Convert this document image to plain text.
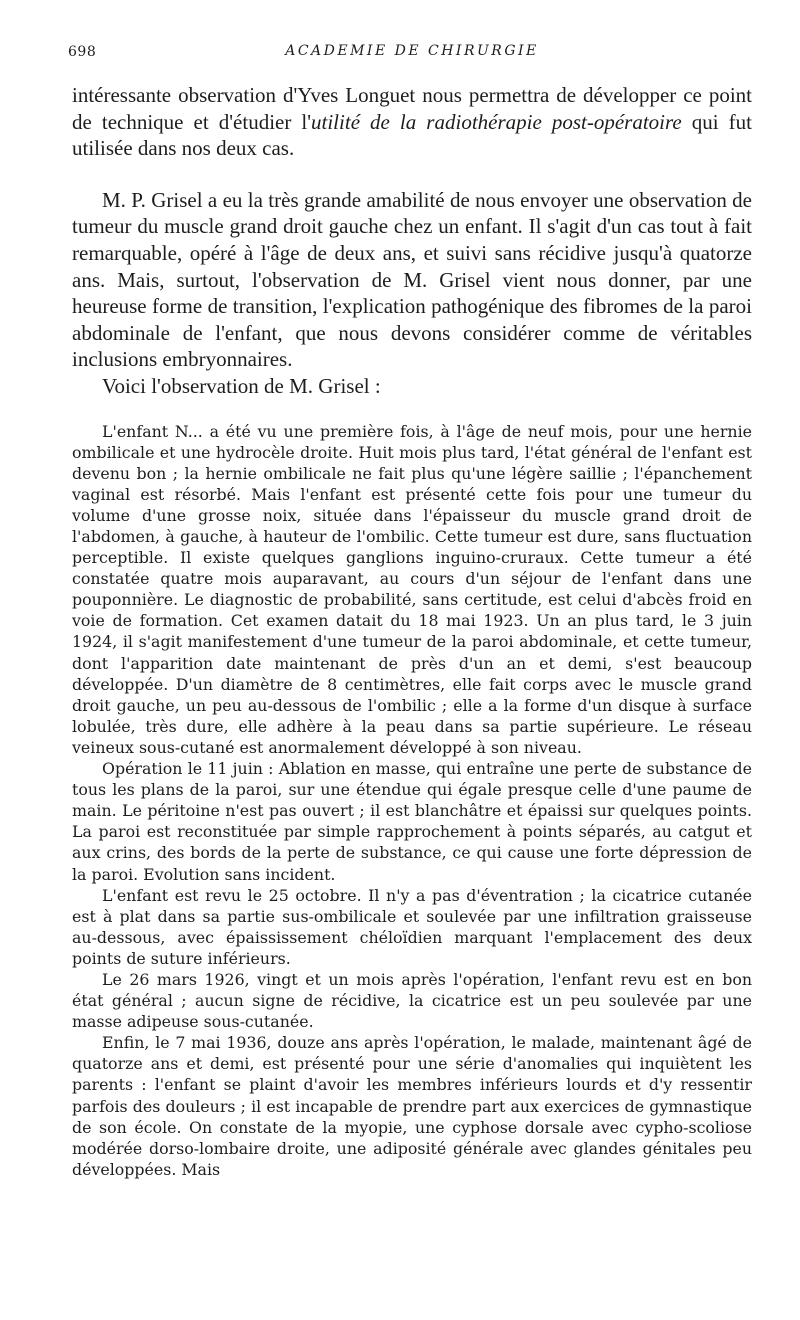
698	ACADEMIE DE CHIRURGIE

intéressante observation d'Yves Longuet nous permettra de développer ce point de technique et d'étudier l'utilité de la radiothérapie post-opératoire qui fut utilisée dans nos deux cas.

M. P. Grisel a eu la très grande amabilité de nous envoyer une observation de tumeur du muscle grand droit gauche chez un enfant. Il s'agit d'un cas tout à fait remarquable, opéré à l'âge de deux ans, et suivi sans récidive jusqu'à quatorze ans. Mais, surtout, l'observation de M. Grisel vient nous donner, par une heureuse forme de transition, l'explication pathogénique des fibromes de la paroi abdominale de l'enfant, que nous devons considérer comme de véritables inclusions embryonnaires.

Voici l'observation de M. Grisel :

L'enfant N... a été vu une première fois, à l'âge de neuf mois, pour une hernie ombilicale et une hydrocèle droite. Huit mois plus tard, l'état général de l'enfant est devenu bon ; la hernie ombilicale ne fait plus qu'une légère saillie ; l'épanchement vaginal est résorbé. Mais l'enfant est présenté cette fois pour une tumeur du volume d'une grosse noix, située dans l'épaisseur du muscle grand droit de l'abdomen, à gauche, à hauteur de l'ombilic. Cette tumeur est dure, sans fluctuation perceptible. Il existe quelques ganglions inguino-cruraux. Cette tumeur a été constatée quatre mois auparavant, au cours d'un séjour de l'enfant dans une pouponnière. Le diagnostic de probabilité, sans certitude, est celui d'abcès froid en voie de formation. Cet examen datait du 18 mai 1923. Un an plus tard, le 3 juin 1924, il s'agit manifestement d'une tumeur de la paroi abdominale, et cette tumeur, dont l'apparition date maintenant de près d'un an et demi, s'est beaucoup développée. D'un diamètre de 8 centimètres, elle fait corps avec le muscle grand droit gauche, un peu au-dessous de l'ombilic ; elle a la forme d'un disque à surface lobulée, très dure, elle adhère à la peau dans sa partie supérieure. Le réseau veineux sous-cutané est anormalement développé à son niveau.

Opération le 11 juin : Ablation en masse, qui entraîne une perte de substance de tous les plans de la paroi, sur une étendue qui égale presque celle d'une paume de main. Le péritoine n'est pas ouvert ; il est blanchâtre et épaissi sur quelques points. La paroi est reconstituée par simple rapprochement à points séparés, au catgut et aux crins, des bords de la perte de substance, ce qui cause une forte dépression de la paroi. Evolution sans incident.

L'enfant est revu le 25 octobre. Il n'y a pas d'éventration ; la cicatrice cutanée est à plat dans sa partie sus-ombilicale et soulevée par une infiltration graisseuse au-dessous, avec épaississement chéloïdien marquant l'emplacement des deux points de suture inférieurs.

Le 26 mars 1926, vingt et un mois après l'opération, l'enfant revu est en bon état général ; aucun signe de récidive, la cicatrice est un peu soulevée par une masse adipeuse sous-cutanée.

Enfin, le 7 mai 1936, douze ans après l'opération, le malade, maintenant âgé de quatorze ans et demi, est présenté pour une série d'anomalies qui inquiètent les parents : l'enfant se plaint d'avoir les membres inférieurs lourds et d'y ressentir parfois des douleurs ; il est incapable de prendre part aux exercices de gymnastique de son école. On constate de la myopie, une cyphose dorsale avec cypho-scoliose modérée dorso-lombaire droite, une adiposité générale avec glandes génitales peu développées. Mais
